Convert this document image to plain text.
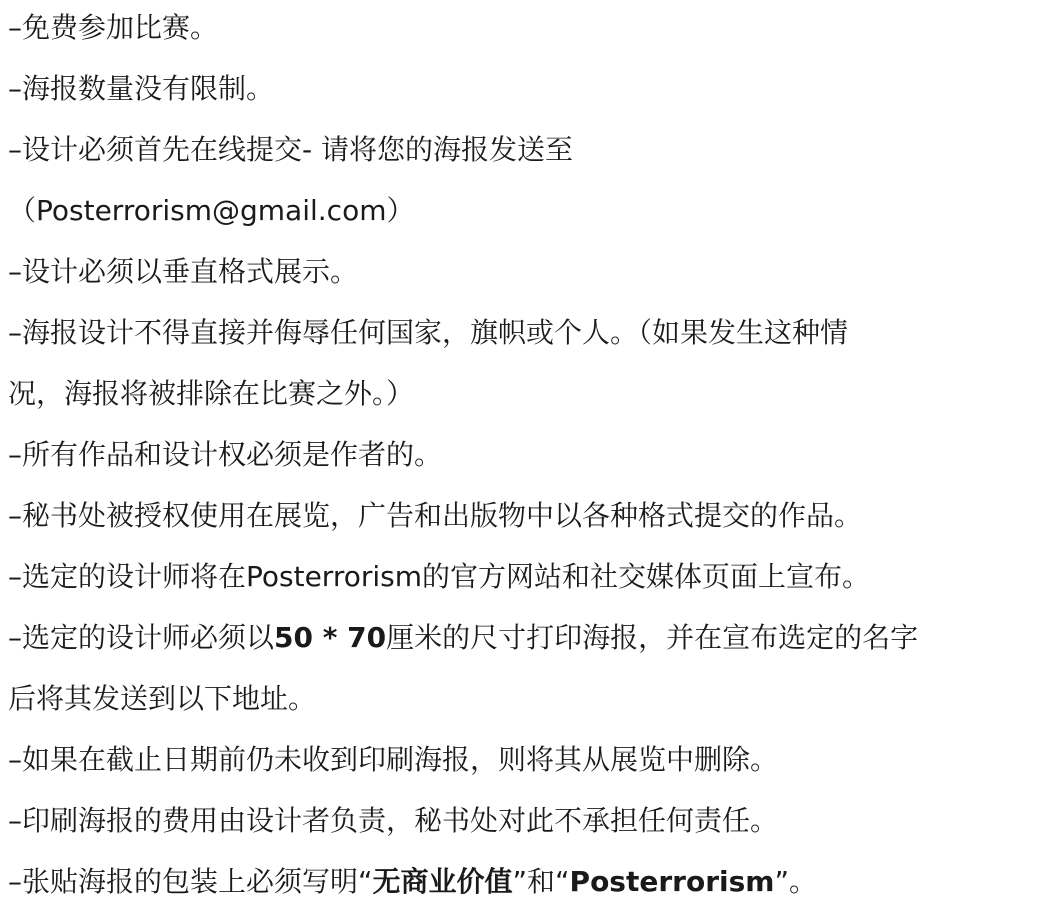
–免费参加比赛。
–海报数量没有限制。
–设计必须首先在线提交- 请将您的海报发送至
（Posterrorism@gmail.com）
–设计必须以垂直格式展示。
–海报设计不得直接并侮辱任何国家，旗帜或个人。（如果发生这种情
况，海报将被排除在比赛之外。）
–所有作品和设计权必须是作者的。
–秘书处被授权使用在展览，广告和出版物中以各种格式提交的作品。
–选定的设计师将在Posterrorism的官方网站和社交媒体页面上宣布。
–选定的设计师必须以50 * 70厘米的尺寸打印海报，并在宣布选定的名字
后将其发送到以下地址。
–如果在截止日期前仍未收到印刷海报，则将其从展览中删除。
–印刷海报的费用由设计者负责，秘书处对此不承担任何责任。
–张贴海报的包装上必须写明“无商业价值”和“Posterrorism”。
